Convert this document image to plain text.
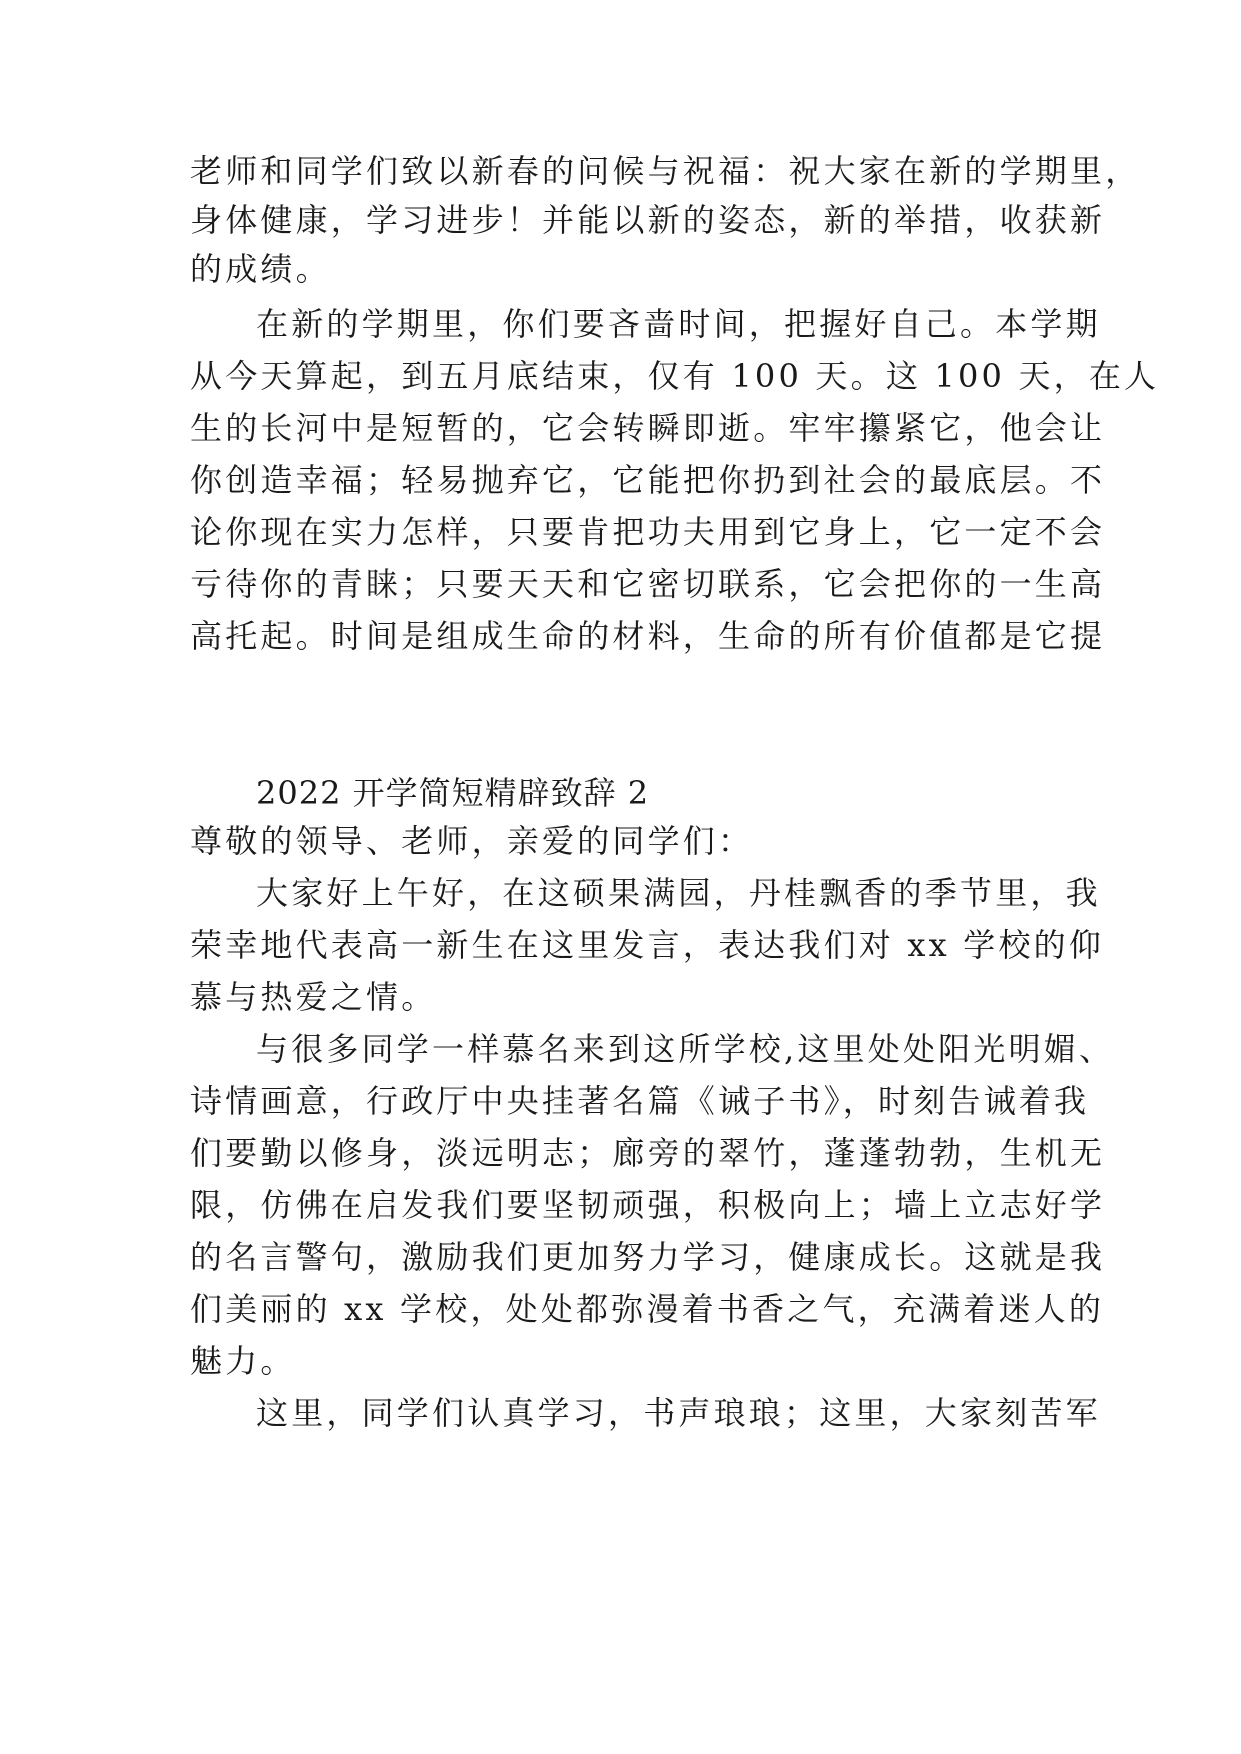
老师和同学们致以新春的问候与祝福：祝大家在新的学期里，
身体健康，学习进步！并能以新的姿态，新的举措，收获新
的成绩。
在新的学期里，你们要吝啬时间，把握好自己。本学期
从今天算起，到五月底结束，仅有 100 天。这 100 天，在人
生的长河中是短暂的，它会转瞬即逝。牢牢攥紧它，他会让
你创造幸福；轻易抛弃它，它能把你扔到社会的最底层。不
论你现在实力怎样，只要肯把功夫用到它身上，它一定不会
亏待你的青睐；只要天天和它密切联系，它会把你的一生高
高托起。时间是组成生命的材料，生命的所有价值都是它提
2022 开学简短精辟致辞 2
尊敬的领导、老师，亲爱的同学们：
大家好上午好，在这硕果满园，丹桂飘香的季节里，我
荣幸地代表高一新生在这里发言，表达我们对 xx 学校的仰
慕与热爱之情。
与很多同学一样慕名来到这所学校,这里处处阳光明媚、
诗情画意，行政厅中央挂著名篇《诫子书》，时刻告诫着我
们要勤以修身，淡远明志；廊旁的翠竹，蓬蓬勃勃，生机无
限，仿佛在启发我们要坚韧顽强，积极向上；墙上立志好学
的名言警句，激励我们更加努力学习，健康成长。这就是我
们美丽的 xx 学校，处处都弥漫着书香之气，充满着迷人的
魅力。
这里，同学们认真学习，书声琅琅；这里，大家刻苦军
